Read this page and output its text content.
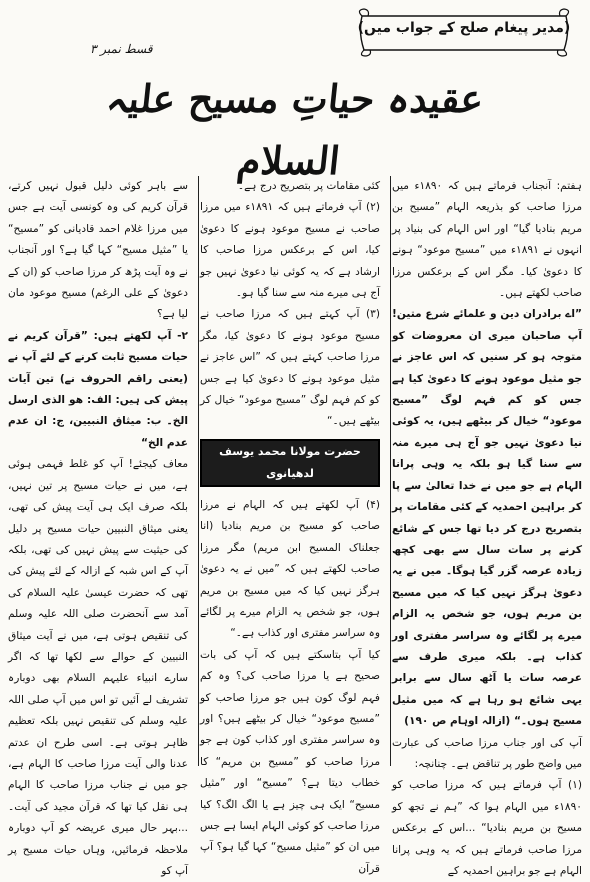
(مدیر پیغام صلح کے جواب میں)
قسط نمبر ۳
عقیدہ حیاتِ مسیح علیہ السلام

ہفتم: آنجناب فرماتے ہیں کہ ۱۸۹۰ء میں مرزا صاحب کو بذریعہ الہام ”مسیح بن مریم بنادیا گیا“ اور اس الہام کی بنیاد پر انہوں نے ۱۸۹۱ء میں ”مسیح موعود“ ہونے کا دعویٰ کیا۔ مگر اس کے برعکس مرزا صاحب لکھتے ہیں۔

”اے برادران دین و علمائے شرع متین! آپ صاحبان میری ان معروضات کو متوجہ ہو کر سنیں کہ اس عاجز نے جو مثیل موعود ہونے کا دعویٰ کیا ہے جس کو کم فہم لوگ ”مسیح موعود“ خیال کر بیٹھے ہیں، یہ کوئی نیا دعویٰ نہیں جو آج ہی میرے منہ سے سنا گیا ہو بلکہ یہ وہی پرانا الہام ہے جو میں نے خدا تعالیٰ سے پا کر براہین احمدیہ کے کئی مقامات پر بتصریح درج کر دیا تھا جس کے شائع کرنے پر سات سال سے بھی کچھ زیادہ عرصہ گزر گیا ہوگا۔ میں نے یہ دعویٰ ہرگز نہیں کیا کہ میں مسیح بن مریم ہوں، جو شخص یہ الزام میرے پر لگائے وہ سراسر مفتری اور کذاب ہے۔ بلکہ میری طرف سے عرصہ سات یا آٹھ سال سے برابر یہی شائع ہو رہا ہے کہ میں مثیل مسیح ہوں۔“ (ازالہ اوہام ص ۱۹۰)

آپ کی اور جناب مرزا صاحب کی عبارت میں واضح طور پر تناقض ہے۔ چنانچہ:

(۱) آپ فرماتے ہیں کہ مرزا صاحب کو ۱۸۹۰ء میں الہام ہوا کہ ”ہم نے تجھ کو مسیح بن مریم بنادیا“ ...اس کے برعکس مرزا صاحب فرماتے ہیں کہ یہ وہی پرانا الہام ہے جو براہین احمدیہ کے

کئی مقامات پر بتصریح درج ہے۔

(۲) آپ فرماتے ہیں کہ ۱۸۹۱ء میں مرزا صاحب نے مسیح موعود ہونے کا دعویٰ کیا، اس کے برعکس مرزا صاحب کا ارشاد ہے کہ یہ کوئی نیا دعویٰ نہیں جو آج ہی میرے منہ سے سنا گیا ہو۔

(۳) آپ کہتے ہیں کہ مرزا صاحب نے مسیح موعود ہونے کا دعویٰ کیا، مگر مرزا صاحب کہتے ہیں کہ ”اس عاجز نے مثیل موعود ہونے کا دعویٰ کیا ہے جس کو کم فہم لوگ ”مسیح موعود“ خیال کر بیٹھے ہیں۔“

حضرت مولانا محمد یوسف لدھیانوی

(۴) آپ لکھتے ہیں کہ الہام نے مرزا صاحب کو مسیح بن مریم بنادیا (انا جعلناک المسیح ابن مریم) مگر مرزا صاحب لکھتے ہیں کہ ”میں نے یہ دعویٰ ہرگز نہیں کیا کہ میں مسیح بن مریم ہوں، جو شخص یہ الزام میرے پر لگائے وہ سراسر مفتری اور کذاب ہے۔“

کیا آپ بتاسکتے ہیں کہ آپ کی بات صحیح ہے یا مرزا صاحب کی؟ وہ کم فہم لوگ کون ہیں جو مرزا صاحب کو ”مسیح موعود“ خیال کر بیٹھے ہیں؟ اور وہ سراسر مفتری اور کذاب کون ہے جو مرزا صاحب کو ”مسیح بن مریم“ کا خطاب دیتا ہے؟ ”مسیح“ اور ”مثیل مسیح“ ایک ہی چیز ہے یا الگ الگ؟ کیا مرزا صاحب کو کوئی الہام ایسا ہے جس میں ان کو ”مثیل مسیح“ کہا گیا ہو؟ آپ قرآن

سے باہر کوئی دلیل قبول نہیں کرتے، قرآن کریم کی وہ کونسی آیت ہے جس میں مرزا غلام احمد قادیانی کو ”مسیح“ یا ”مثیل مسیح“ کہا گیا ہے؟ اور آنجناب نے وہ آیت پڑھ کر مرزا صاحب کو (ان کے دعویٰ کے علی الرغم) مسیح موعود مان لیا ہے؟

۲- آپ لکھتے ہیں: ”قرآن کریم نے حیات مسیح ثابت کرنے کے لئے آپ نے (یعنی راقم الحروف نے) تین آیات پیش کی ہیں: الف: ھو الذی ارسل الخ۔ ب: میثاق النبیین، ج: ان عدم عدم الخ“

معاف کیجئے! آپ کو غلط فہمی ہوئی ہے، میں نے حیات مسیح پر تین نہیں، بلکہ صرف ایک ہی آیت پیش کی تھی، یعنی میثاق النبیین حیات مسیح پر دلیل کی حیثیت سے پیش نہیں کی تھی، بلکہ آپ کے اس شبہ کے ازالہ کے لئے پیش کی تھی کہ حضرت عیسیٰ علیہ السلام کی آمد سے آنحضرت صلی اللہ علیہ وسلم کی تنقیص ہوتی ہے، میں نے آیت میثاق النبیین کے حوالے سے لکھا تھا کہ اگر سارے انبیاء علیہم السلام بھی دوبارہ تشریف لے آئیں تو اس میں آپ صلی اللہ علیہ وسلم کی تنقیص نہیں بلکہ تعظیم ظاہر ہوتی ہے۔ اسی طرح ان عدتم عدنا والی آیت مرزا صاحب کا الہام ہے، جو میں نے جناب مرزا صاحب کا الہام ہی نقل کیا تھا کہ قرآن مجید کی آیت۔ ...بہر حال میری عریضہ کو آپ دوبارہ ملاحظہ فرمائیں، وہاں حیات مسیح پر آپ کو
